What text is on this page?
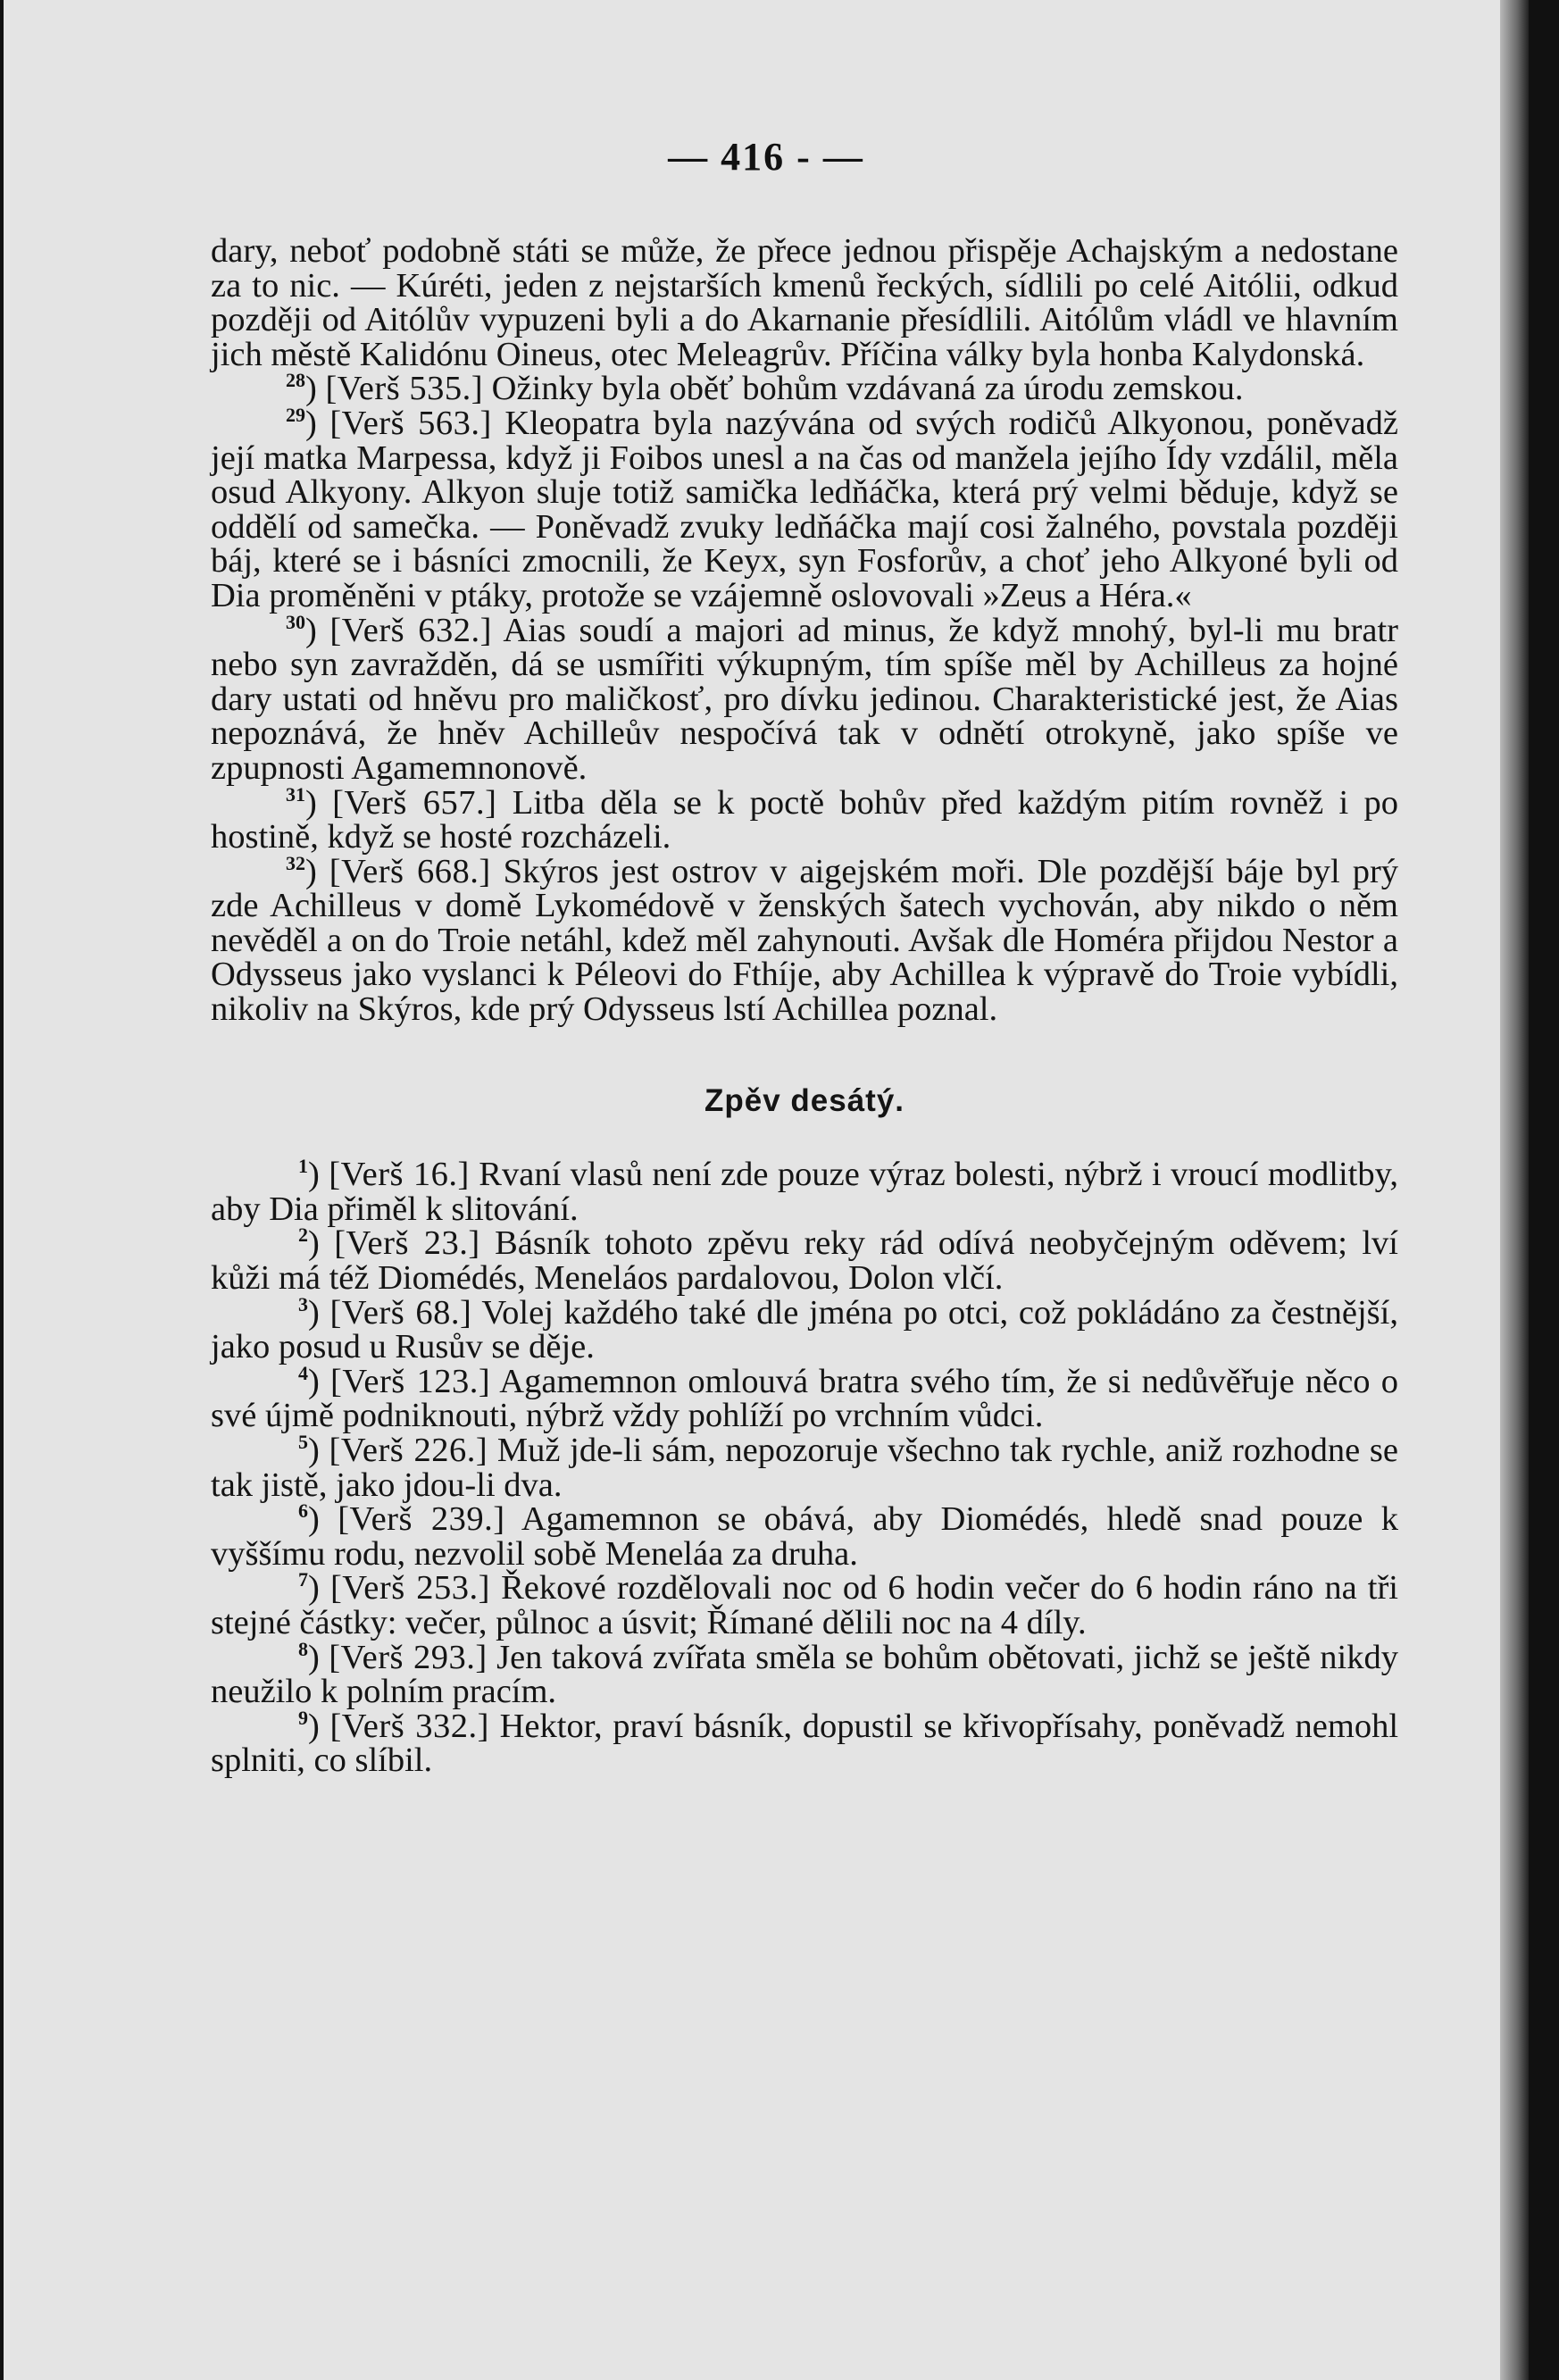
— 416 - —

dary, neboť podobně státi se může, že přece jednou přispěje Achajským a nedostane za to nic. — Kúréti, jeden z nejstarších kmenů řeckých, sídlili po celé Aitólii, odkud později od Aitólův vypuzeni byli a do Akarnanie přesídlili. Aitólům vládl ve hlavním jich městě Kalidónu Oineus, otec Meleagrův. Příčina války byla honba Kalydonská.

$^{28}$) [Verš 535.] Ožinky byla oběť bohům vzdávaná za úrodu zemskou.

$^{29}$) [Verš 563.] Kleopatra byla nazývána od svých rodičů Alkyonou, poněvadž její matka Marpessa, když ji Foibos unesl a na čas od manžela jejího Ídy vzdálil, měla osud Alkyony. Alkyon sluje totiž samička ledňáčka, která prý velmi běduje, když se oddělí od samečka. — Poněvadž zvuky ledňáčka mají cosi žalného, povstala později báj, které se i básníci zmocnili, že Keyx, syn Fosforův, a choť jeho Alkyoné byli od Dia proměněni v ptáky, protože se vzájemně oslovovali »Zeus a Héra.«

$^{30}$) [Verš 632.] Aias soudí a majori ad minus, že když mnohý, byl-li mu bratr nebo syn zavražděn, dá se usmířiti výkupným, tím spíše měl by Achilleus za hojné dary ustati od hněvu pro maličkosť, pro dívku jedinou. Charakteristické jest, že Aias nepoznává, že hněv Achilleův nespočívá tak v odnětí otrokyně, jako spíše ve zpupnosti Agamemnonově.

$^{31}$) [Verš 657.] Litba děla se k poctě bohův před každým pitím rovněž i po hostině, když se hosté rozcházeli.

$^{32}$) [Verš 668.] Skýros jest ostrov v aigejském moři. Dle pozdější báje byl prý zde Achilleus v domě Lykomédově v ženských šatech vychován, aby nikdo o něm nevěděl a on do Troie netáhl, kdež měl zahynouti. Avšak dle Homéra přijdou Nestor a Odysseus jako vyslanci k Péleovi do Fthíje, aby Achillea k výpravě do Troie vybídli, nikoliv na Skýros, kde prý Odysseus lstí Achillea poznal.

Zpěv desátý.

$^1$) [Verš 16.] Rvaní vlasů není zde pouze výraz bolesti, nýbrž i vroucí modlitby, aby Dia přiměl k slitování.

$^2$) [Verš 23.] Básník tohoto zpěvu reky rád odívá neobyčejným oděvem; lví kůži má též Diomédés, Meneláos pardalovou, Dolon vlčí.

$^3$) [Verš 68.] Volej každého také dle jména po otci, což pokládáno za čestnější, jako posud u Rusův se děje.

$^4$) [Verš 123.] Agamemnon omlouvá bratra svého tím, že si nedůvěřuje něco o své újmě podniknouti, nýbrž vždy pohlíží po vrchním vůdci.

$^5$) [Verš 226.] Muž jde-li sám, nepozoruje všechno tak rychle, aniž rozhodne se tak jistě, jako jdou-li dva.

$^6$) [Verš 239.] Agamemnon se obává, aby Diomédés, hledě snad pouze k vyššímu rodu, nezvolil sobě Meneláa za druha.

$^7$) [Verš 253.] Řekové rozdělovali noc od 6 hodin večer do 6 hodin ráno na tři stejné částky: večer, půlnoc a úsvit; Římané dělili noc na 4 díly.

$^8$) [Verš 293.] Jen taková zvířata směla se bohům obětovati, jichž se ještě nikdy neužilo k polním pracím.

$^9$) [Verš 332.] Hektor, praví básník, dopustil se křivopřísahy, poněvadž nemohl splniti, co slíbil.
